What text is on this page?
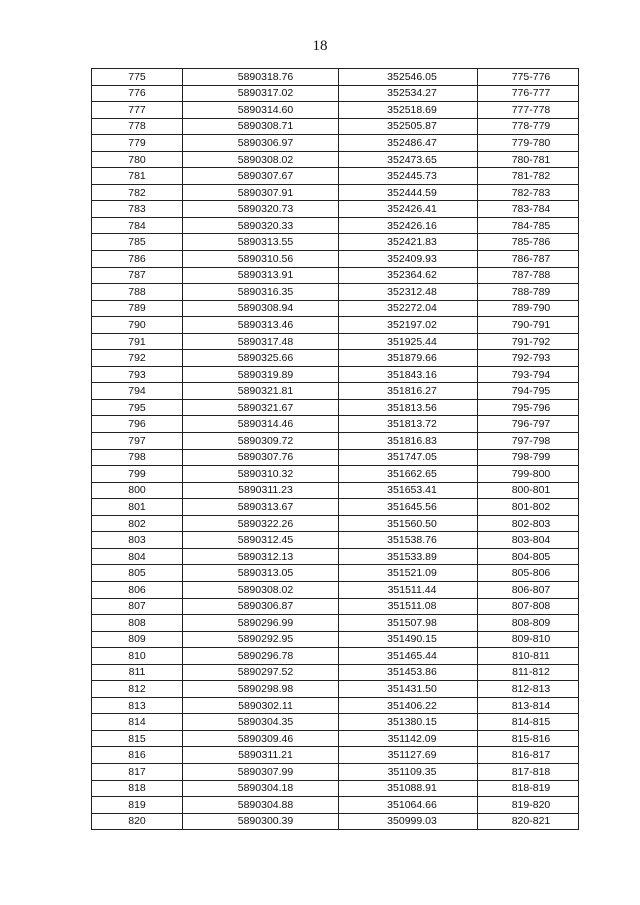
18
775	5890318.76	352546.05	775-776
776	5890317.02	352534.27	776-777
777	5890314.60	352518.69	777-778
778	5890308.71	352505.87	778-779
779	5890306.97	352486.47	779-780
780	5890308.02	352473.65	780-781
781	5890307.67	352445.73	781-782
782	5890307.91	352444.59	782-783
783	5890320.73	352426.41	783-784
784	5890320.33	352426.16	784-785
785	5890313.55	352421.83	785-786
786	5890310.56	352409.93	786-787
787	5890313.91	352364.62	787-788
788	5890316.35	352312.48	788-789
789	5890308.94	352272.04	789-790
790	5890313.46	352197.02	790-791
791	5890317.48	351925.44	791-792
792	5890325.66	351879.66	792-793
793	5890319.89	351843.16	793-794
794	5890321.81	351816.27	794-795
795	5890321.67	351813.56	795-796
796	5890314.46	351813.72	796-797
797	5890309.72	351816.83	797-798
798	5890307.76	351747.05	798-799
799	5890310.32	351662.65	799-800
800	5890311.23	351653.41	800-801
801	5890313.67	351645.56	801-802
802	5890322.26	351560.50	802-803
803	5890312.45	351538.76	803-804
804	5890312.13	351533.89	804-805
805	5890313.05	351521.09	805-806
806	5890308.02	351511.44	806-807
807	5890306.87	351511.08	807-808
808	5890296.99	351507.98	808-809
809	5890292.95	351490.15	809-810
810	5890296.78	351465.44	810-811
811	5890297.52	351453.86	811-812
812	5890298.98	351431.50	812-813
813	5890302.11	351406.22	813-814
814	5890304.35	351380.15	814-815
815	5890309.46	351142.09	815-816
816	5890311.21	351127.69	816-817
817	5890307.99	351109.35	817-818
818	5890304.18	351088.91	818-819
819	5890304.88	351064.66	819-820
820	5890300.39	350999.03	820-821
